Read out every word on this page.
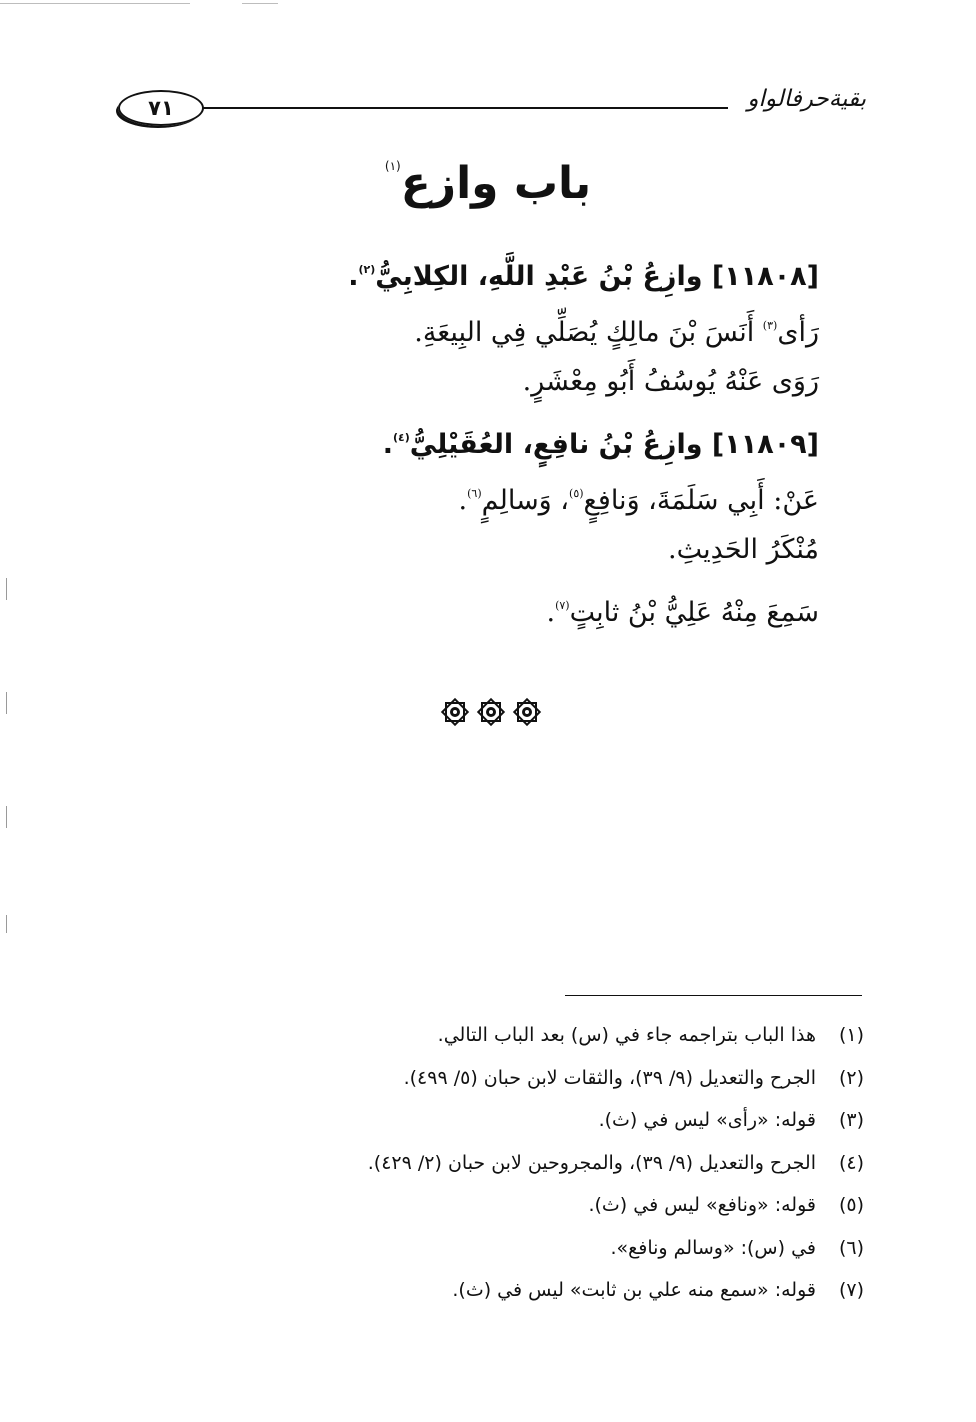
٧١	بقيةحرفالواو
باب وازع$^{(١)}$
[١١٨٠٨] وازِعُ بْنُ عَبْدِ اللَّهِ، الكِلابِيُّ$^{(٢)}$.
رَأى$^{(٣)}$ أَنَسَ بْنَ مالِكٍ يُصَلِّي فِي البِيعَةِ.
رَوَى عَنْهُ يُوسُفُ أَبُو مِعْشَرٍ.
[١١٨٠٩] وازِعُ بْنُ نافِعٍ، العُقَيْلِيُّ$^{(٤)}$.
عَنْ: أَبِي سَلَمَةَ، وَنافِعٍ$^{(٥)}$، وَسالِمٍ$^{(٦)}$.
مُنْكَرُ الحَدِيثِ.
سَمِعَ مِنْهُ عَلِيُّ بْنُ ثابِتٍ$^{(٧)}$.
(١)هذا الباب بتراجمه جاء في (س) بعد الباب التالي.
(٢)الجرح والتعديل (٩/ ٣٩)، والثقات لابن حبان (٥/ ٤٩٩).
(٣)قوله: «رأى» ليس في (ث).
(٤)الجرح والتعديل (٩/ ٣٩)، والمجروحين لابن حبان (٢/ ٤٢٩).
(٥)قوله: «ونافع» ليس في (ث).
(٦)في (س): «وسالم ونافع».
(٧)قوله: «سمع منه علي بن ثابت» ليس في (ث).
